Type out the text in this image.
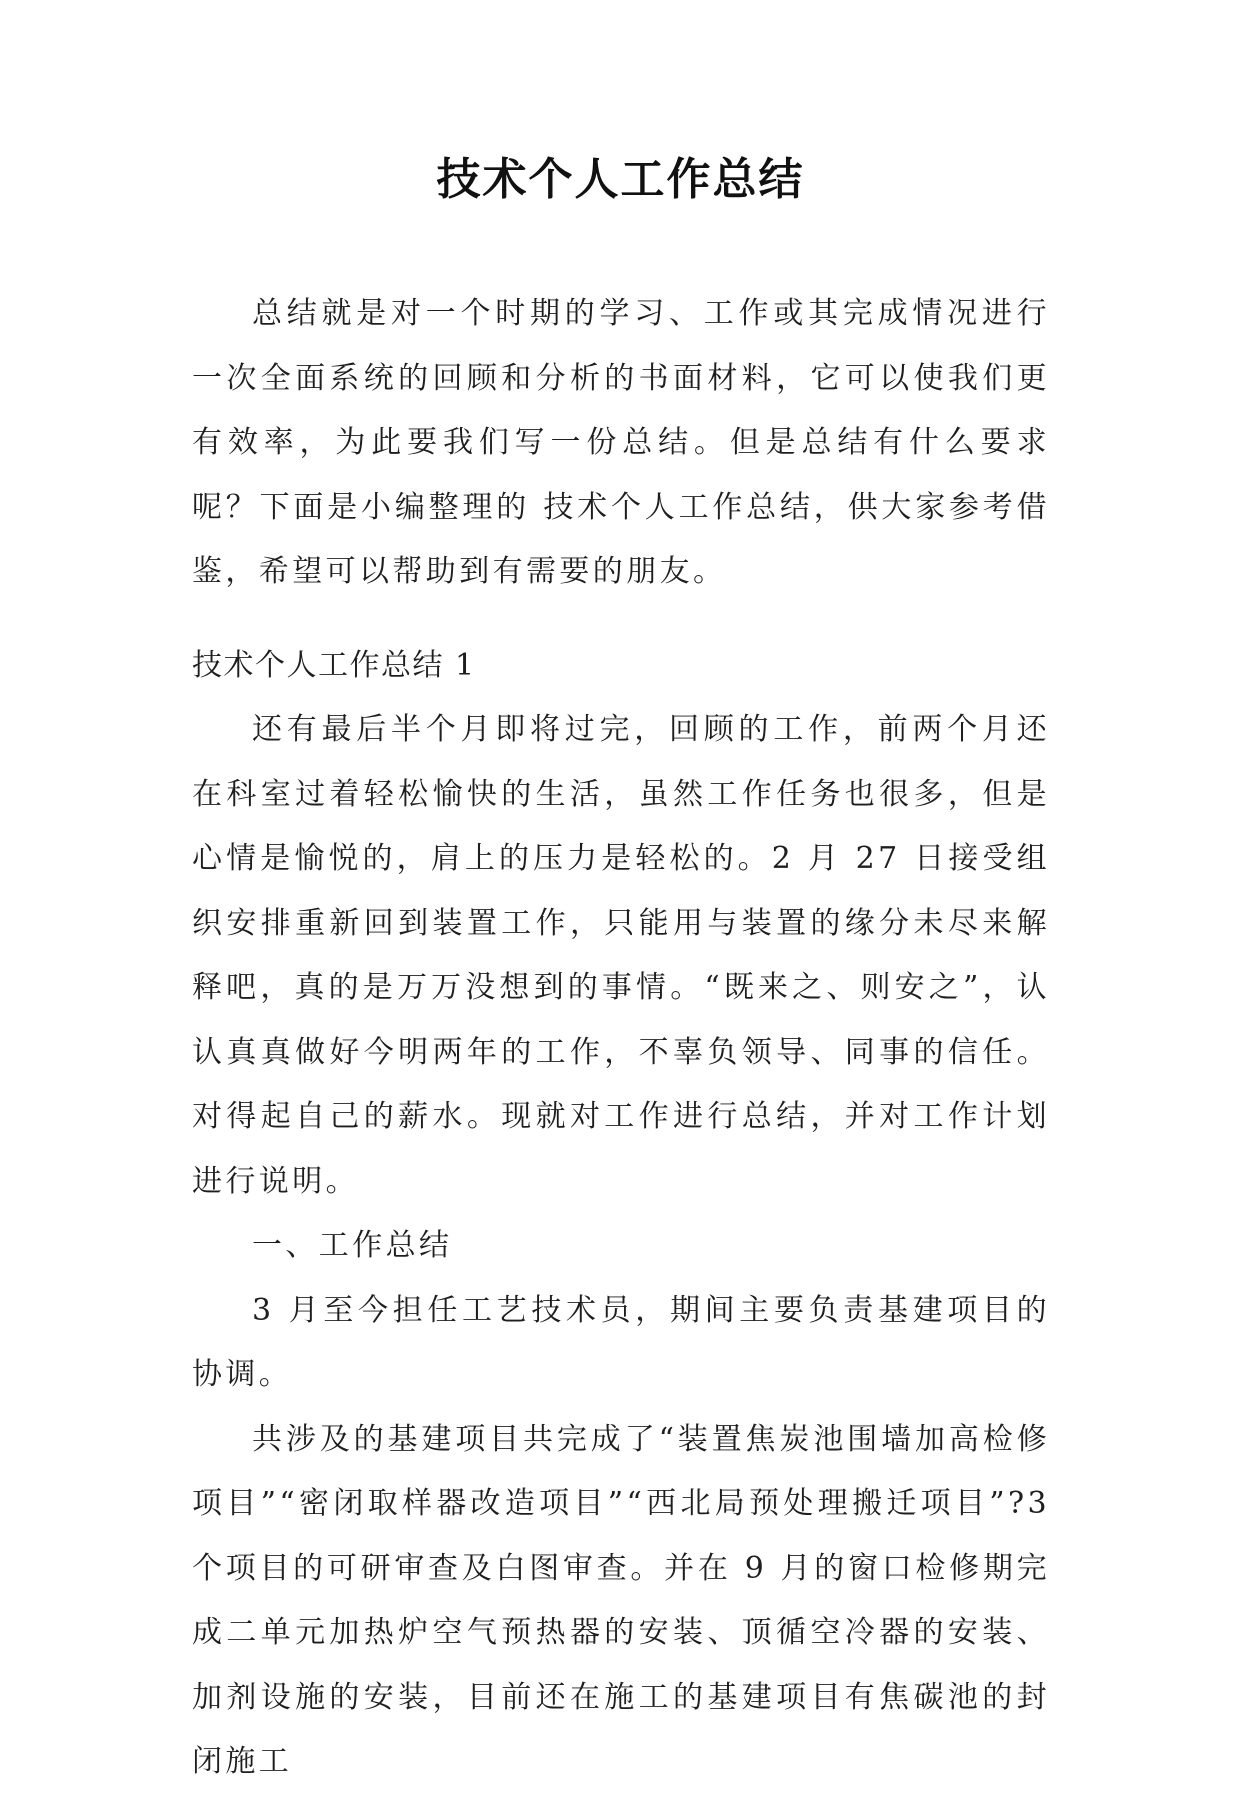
技术个人工作总结

总结就是对一个时期的学习、工作或其完成情况进行一次全面系统的回顾和分析的书面材料，它可以使我们更有效率，为此要我们写一份总结。但是总结有什么要求呢？下面是小编整理的 技术个人工作总结，供大家参考借鉴，希望可以帮助到有需要的朋友。

技术个人工作总结 1

还有最后半个月即将过完，回顾的工作，前两个月还在科室过着轻松愉快的生活，虽然工作任务也很多，但是心情是愉悦的，肩上的压力是轻松的。2 月 27 日接受组织安排重新回到装置工作，只能用与装置的缘分未尽来解释吧，真的是万万没想到的事情。“既来之、则安之”，认认真真做好今明两年的工作，不辜负领导、同事的信任。对得起自己的薪水。现就对工作进行总结，并对工作计划进行说明。

一、工作总结

3 月至今担任工艺技术员，期间主要负责基建项目的协调。

共涉及的基建项目共完成了“装置焦炭池围墙加高检修项目”“密闭取样器改造项目”“西北局预处理搬迁项目”?3 个项目的可研审查及白图审查。并在 9 月的窗口检修期完成二单元加热炉空气预热器的安装、顶循空冷器的安装、加剂设施的安装，目前还在施工的基建项目有焦碳池的封闭施工
